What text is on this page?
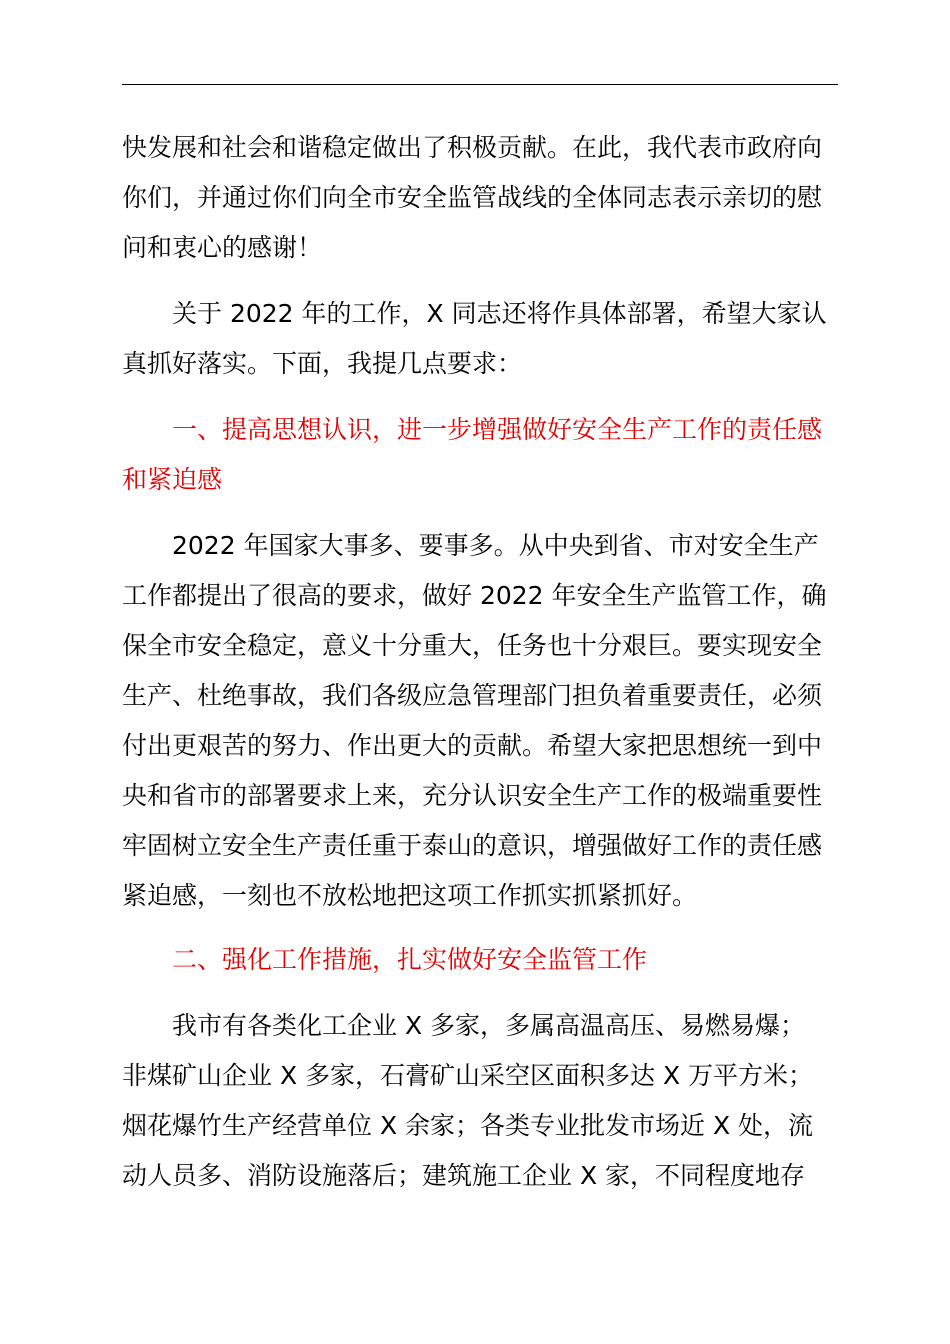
快发展和社会和谐稳定做出了积极贡献。在此，我代表市政府向
你们，并通过你们向全市安全监管战线的全体同志表示亲切的慰
问和衷心的感谢！
关于 2022 年的工作，X 同志还将作具体部署，希望大家认
真抓好落实。下面，我提几点要求：
一、提高思想认识，进一步增强做好安全生产工作的责任感
和紧迫感
2022 年国家大事多、要事多。从中央到省、市对安全生产
工作都提出了很高的要求，做好 2022 年安全生产监管工作，确
保全市安全稳定，意义十分重大，任务也十分艰巨。要实现安全
生产、杜绝事故，我们各级应急管理部门担负着重要责任，必须
付出更艰苦的努力、作出更大的贡献。希望大家把思想统一到中
央和省市的部署要求上来，充分认识安全生产工作的极端重要性
牢固树立安全生产责任重于泰山的意识，增强做好工作的责任感
紧迫感，一刻也不放松地把这项工作抓实抓紧抓好。
二、强化工作措施，扎实做好安全监管工作
我市有各类化工企业 X 多家，多属高温高压、易燃易爆；
非煤矿山企业 X 多家，石膏矿山采空区面积多达 X 万平方米；
烟花爆竹生产经营单位 X 余家；各类专业批发市场近 X 处，流
动人员多、消防设施落后；建筑施工企业 X 家，不同程度地存
